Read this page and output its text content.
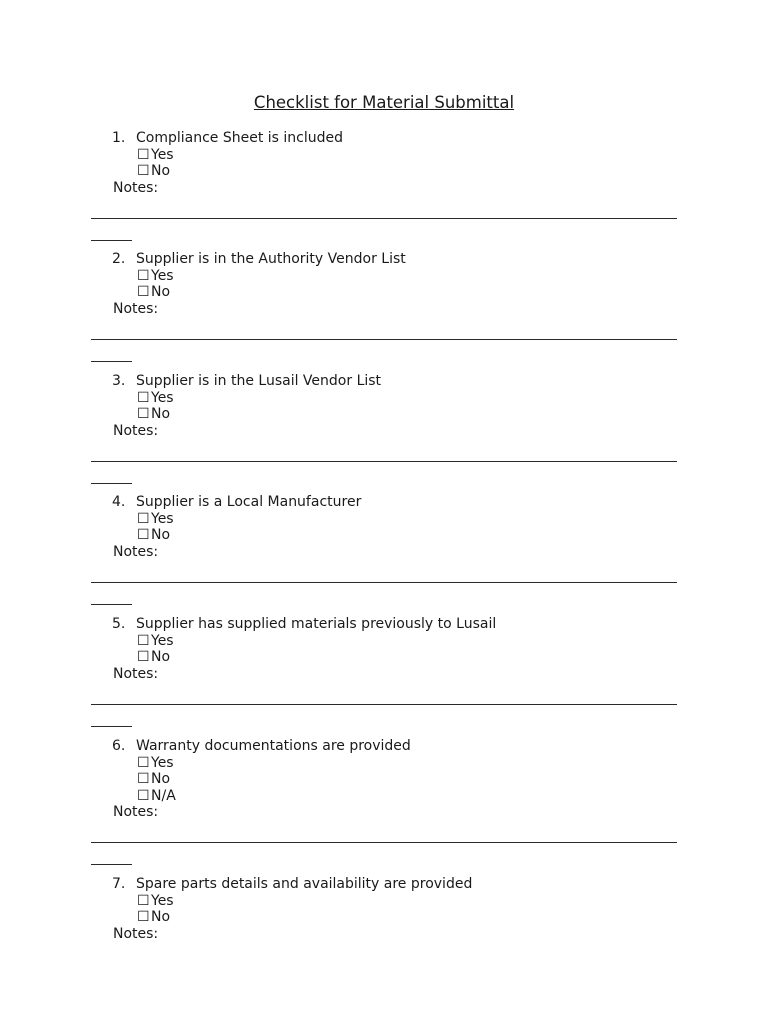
Checklist for Material Submittal
1. Compliance Sheet is included
☐Yes
☐No
Notes:
2. Supplier is in the Authority Vendor List
☐Yes
☐No
Notes:
3. Supplier is in the Lusail Vendor List
☐Yes
☐No
Notes:
4. Supplier is a Local Manufacturer
☐Yes
☐No
Notes:
5. Supplier has supplied materials previously to Lusail
☐Yes
☐No
Notes:
6. Warranty documentations are provided
☐Yes
☐No
☐N/A
Notes:
7. Spare parts details and availability are provided
☐Yes
☐No
Notes:
